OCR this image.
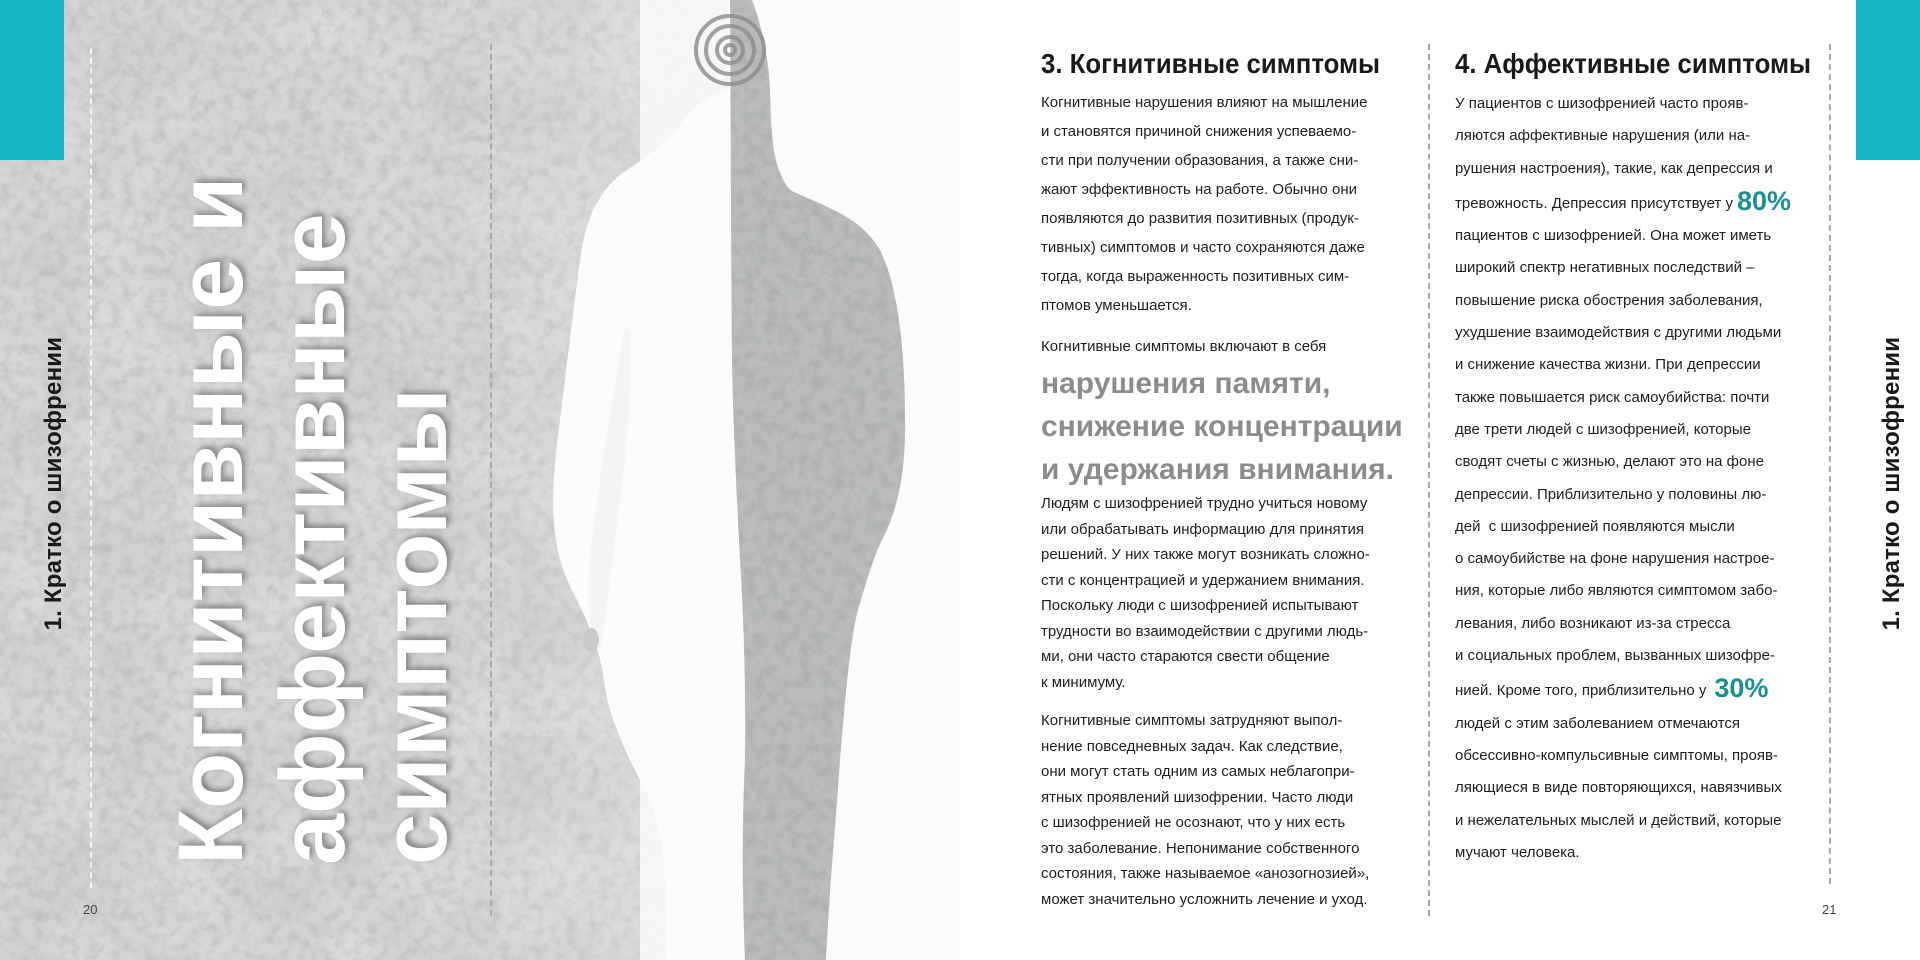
1. Кратко о шизофрении Когнитивные и аффективные симптомы
20
1. Кратко о шизофрении
3. Когнитивные симптомы

Когнитивные нарушения влияют на мышление

и становятся причиной снижения успеваемо-

сти при получении образования, а также сни-

жают эффективность на работе. Обычно они

появляются до развития позитивных (продук-

тивных) симптомов и часто сохраняются даже

тогда, когда выраженность позитивных сим-

птомов уменьшается.

Когнитивные симптомы включают в себя

нарушения памяти,

снижение концентрации

и удержания внимания.

Людям с шизофренией трудно учиться новому

или обрабатывать информацию для принятия

решений. У них также могут возникать сложно-

сти с концентрацией и удержанием внимания.

Поскольку люди с шизофренией испытывают

трудности во взаимодействии с другими людь-

ми, они часто стараются свести общение

к минимуму.

Когнитивные симптомы затрудняют выпол-

нение повседневных задач. Как следствие,

они могут стать одним из самых неблагопри-

ятных проявлений шизофрении. Часто люди

с шизофренией не осознают, что у них есть

это заболевание. Непонимание собственного

состояния, также называемое «анозогнозией»,

может значительно усложнить лечение и уход.

4. Аффективные симптомы

У пациентов с шизофренией часто прояв-

ляются аффективные нарушения (или на-

рушения настроения), такие, как депрессия и

тревожность. Депрессия присутствует у 80%

пациентов с шизофренией. Она может иметь

широкий спектр негативных последствий –

повышение риска обострения заболевания,

ухудшение взаимодействия с другими людьми

и снижение качества жизни. При депрессии

также повышается риск самоубийства: почти

две трети людей с шизофренией, которые

сводят счеты с жизнью, делают это на фоне

депрессии. Приблизительно у половины лю-

дей  с шизофренией появляются мысли

о самоубийстве на фоне нарушения настрое-

ния, которые либо являются симптомом забо-

левания, либо возникают из-за стресса

и социальных проблем, вызванных шизофре-

нией. Кроме того, приблизительно у 30%

людей с этим заболеванием отмечаются

обсессивно-компульсивные симптомы, прояв-

ляющиеся в виде повторяющихся, навязчивых

и нежелательных мыслей и действий, которые

мучают человека.

21
